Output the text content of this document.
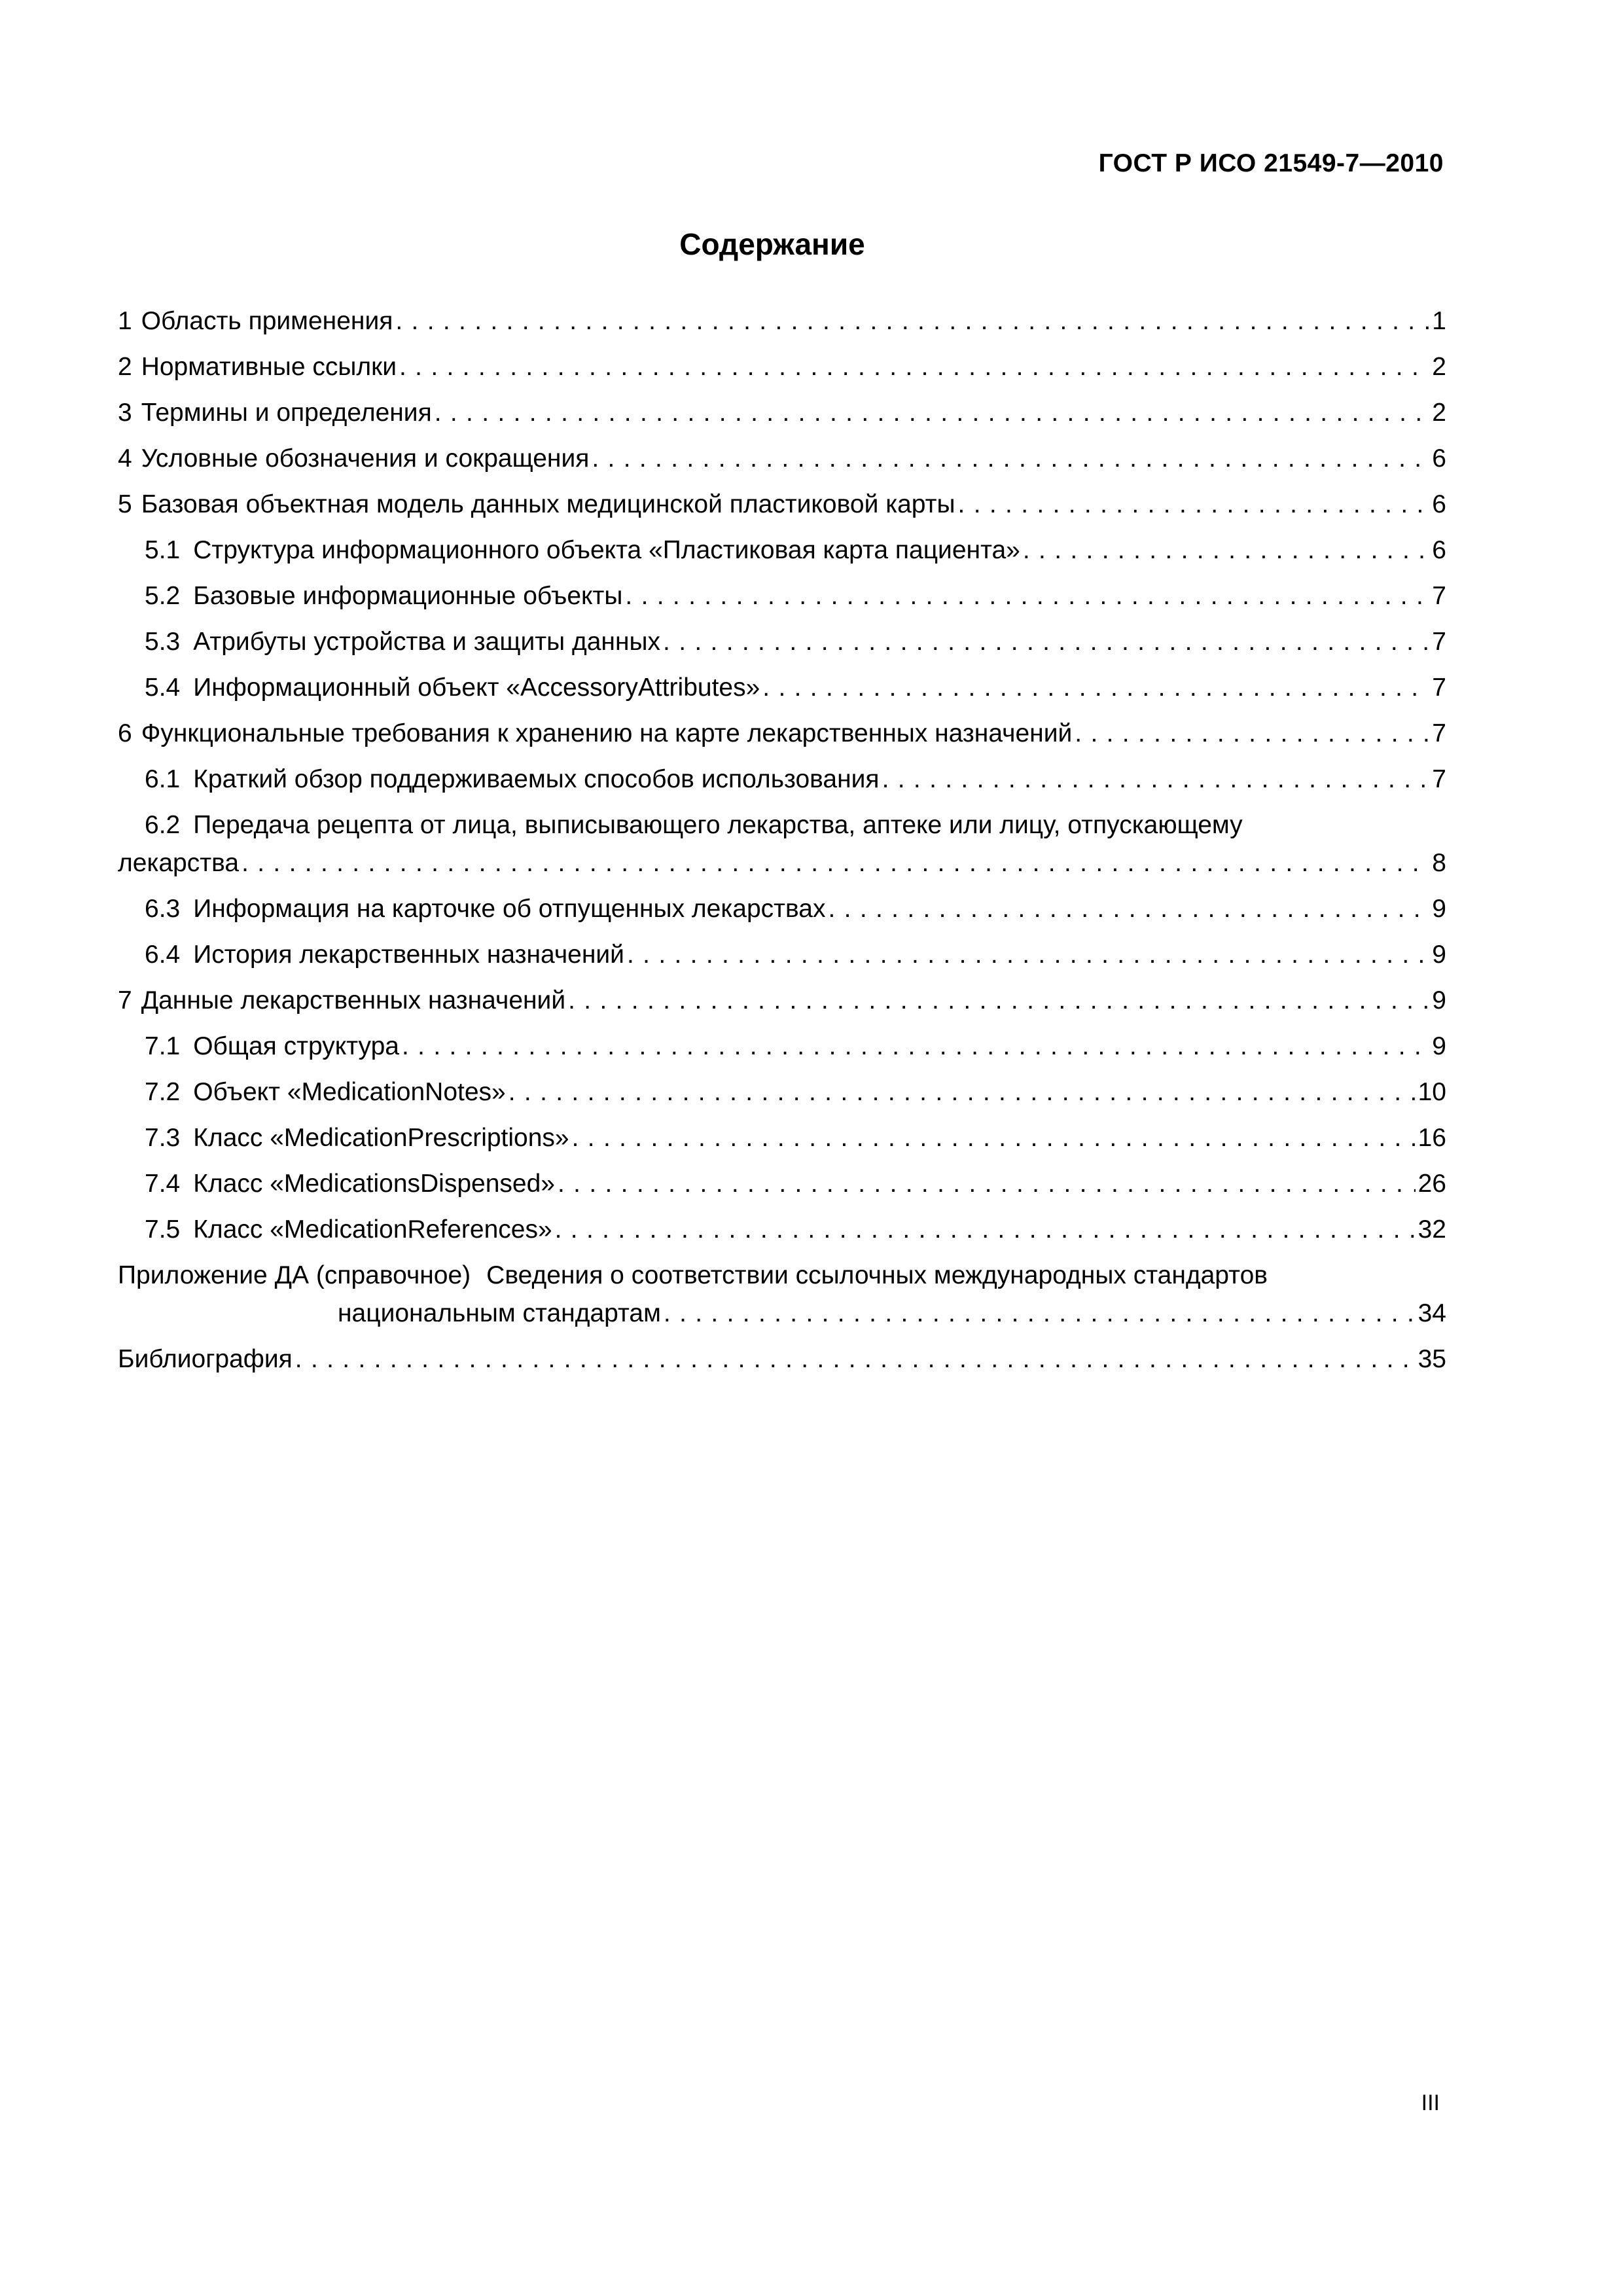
ГОСТ Р ИСО 21549-7—2010
Содержание
1 Область применения . . .	1
2 Нормативные ссылки . . .	2
3 Термины и определения . . .	2
4 Условные обозначения и сокращения . . .	6
5 Базовая объектная модель данных медицинской пластиковой карты . . .	6
5.1 Структура информационного объекта «Пластиковая карта пациента» . . .	6
5.2 Базовые информационные объекты . . .	7
5.3 Атрибуты устройства и защиты данных . . .	7
5.4 Информационный объект «AccessoryAttributes» . . .	7
6 Функциональные требования к хранению на карте лекарственных назначений . . .	7
6.1 Краткий обзор поддерживаемых способов использования . . .	7
6.2 Передача рецепта от лица, выписывающего лекарства, аптеке или лицу, отпускающему
лекарства . . .	8
6.3 Информация на карточке об отпущенных лекарствах . . .	9
6.4 История лекарственных назначений . . .	9
7 Данные лекарственных назначений . . .	9
7.1 Общая структура . . .	9
7.2 Объект «MedicationNotes» . . .	10
7.3 Класс «MedicationPrescriptions» . . .	16
7.4 Класс «MedicationsDispensed» . . .	26
7.5 Класс «MedicationReferences» . . .	32
Приложение ДА (справочное) Сведения о соответствии ссылочных международных стандартов
национальным стандартам . . .	34
Библиография . . .	35
III
